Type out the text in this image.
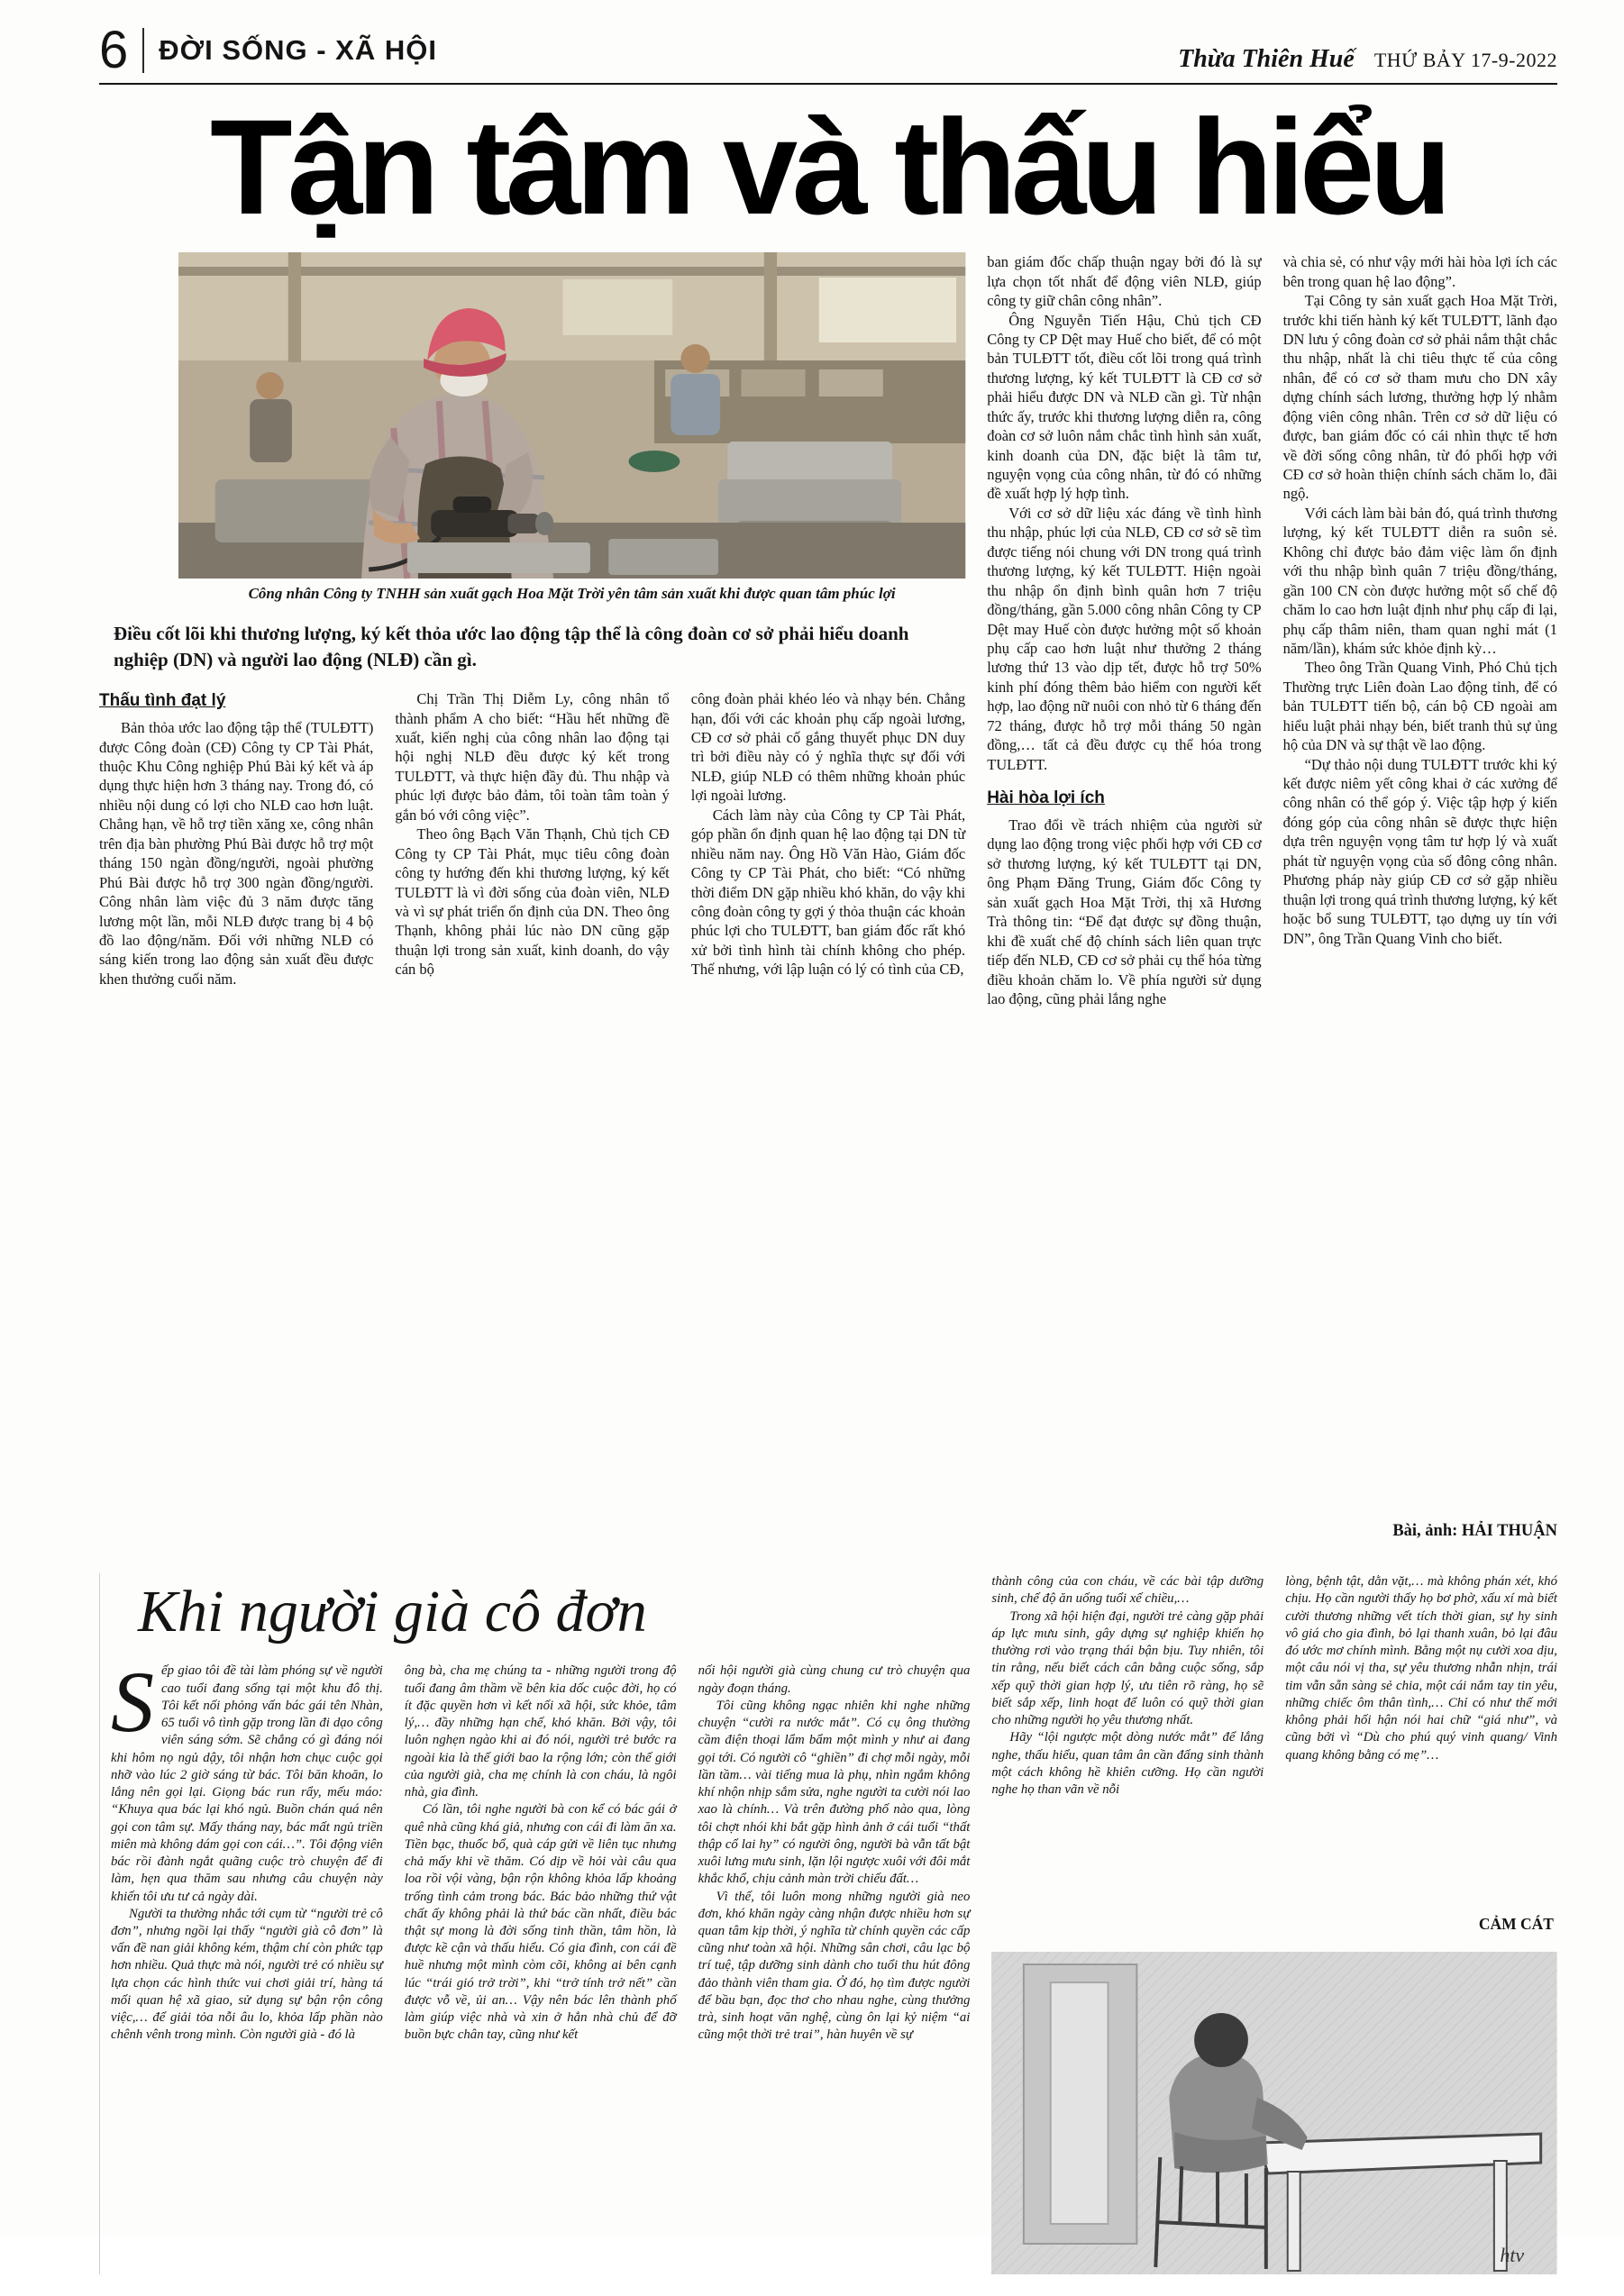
6 ĐỜI SỐNG - XÃ HỘI	Thừa Thiên Huế THỨ BẢY 17-9-2022
Tận tâm và thấu hiểu

Công nhân Công ty TNHH sản xuất gạch Hoa Mặt Trời yên tâm sản xuất khi được quan tâm phúc lợi

Điều cốt lõi khi thương lượng, ký kết thỏa ước lao động tập thể là công đoàn cơ sở phải hiểu doanh nghiệp (DN) và người lao động (NLĐ) cần gì.

Thấu tình đạt lý

Bản thỏa ước lao động tập thể (TULĐTT) được Công đoàn (CĐ) Công ty CP Tài Phát, thuộc Khu Công nghiệp Phú Bài ký kết và áp dụng thực hiện hơn 3 tháng nay. Trong đó, có nhiều nội dung có lợi cho NLĐ cao hơn luật. Chẳng hạn, về hỗ trợ tiền xăng xe, công nhân trên địa bàn phường Phú Bài được hỗ trợ một tháng 150 ngàn đồng/người, ngoài phường Phú Bài được hỗ trợ 300 ngàn đồng/người. Công nhân làm việc đủ 3 năm được tăng lương một lần, mỗi NLĐ được trang bị 4 bộ đồ lao động/năm. Đối với những NLĐ có sáng kiến trong lao động sản xuất đều được khen thưởng cuối năm.

Chị Trần Thị Diễm Ly, công nhân tổ thành phẩm A cho biết: “Hầu hết những đề xuất, kiến nghị của công nhân lao động tại hội nghị NLĐ đều được ký kết trong TULĐTT, và thực hiện đầy đủ. Thu nhập và phúc lợi được bảo đảm, tôi toàn tâm toàn ý gắn bó với công việc”.

Theo ông Bạch Văn Thạnh, Chủ tịch CĐ Công ty CP Tài Phát, mục tiêu công đoàn công ty hướng đến khi thương lượng, ký kết TULĐTT là vì đời sống của đoàn viên, NLĐ và vì sự phát triển ổn định của DN. Theo ông Thạnh, không phải lúc nào DN cũng gặp thuận lợi trong sản xuất, kinh doanh, do vậy cán bộ

công đoàn phải khéo léo và nhạy bén. Chẳng hạn, đối với các khoản phụ cấp ngoài lương, CĐ cơ sở phải cố gắng thuyết phục DN duy trì bởi điều này có ý nghĩa thực sự đối với NLĐ, giúp NLĐ có thêm những khoản phúc lợi ngoài lương.

Cách làm này của Công ty CP Tài Phát, góp phần ổn định quan hệ lao động tại DN từ nhiều năm nay. Ông Hồ Văn Hào, Giám đốc Công ty CP Tài Phát, cho biết: “Có những thời điểm DN gặp nhiều khó khăn, do vậy khi công đoàn công ty gợi ý thỏa thuận các khoản phúc lợi cho TULĐTT, ban giám đốc rất khó xử bởi tình hình tài chính không cho phép. Thế nhưng, với lập luận có lý có tình của CĐ,

ban giám đốc chấp thuận ngay bởi đó là sự lựa chọn tốt nhất để động viên NLĐ, giúp công ty giữ chân công nhân”.

Ông Nguyễn Tiến Hậu, Chủ tịch CĐ Công ty CP Dệt may Huế cho biết, để có một bản TULĐTT tốt, điều cốt lõi trong quá trình thương lượng, ký kết TULĐTT là CĐ cơ sở phải hiểu được DN và NLĐ cần gì. Từ nhận thức ấy, trước khi thương lượng diễn ra, công đoàn cơ sở luôn nắm chắc tình hình sản xuất, kinh doanh của DN, đặc biệt là tâm tư, nguyện vọng của công nhân, từ đó có những đề xuất hợp lý hợp tình.

Với cơ sở dữ liệu xác đáng về tình hình thu nhập, phúc lợi của NLĐ, CĐ cơ sở sẽ tìm được tiếng nói chung với DN trong quá trình thương lượng, ký kết TULĐTT. Hiện ngoài thu nhập ổn định bình quân hơn 7 triệu đồng/tháng, gần 5.000 công nhân Công ty CP Dệt may Huế còn được hưởng một số khoản phụ cấp cao hơn luật như thưởng 2 tháng lương thứ 13 vào dịp tết, được hỗ trợ 50% kinh phí đóng thêm bảo hiểm con người kết hợp, lao động nữ nuôi con nhỏ từ 6 tháng đến 72 tháng, được hỗ trợ mỗi tháng 50 ngàn đồng,… tất cả đều được cụ thể hóa trong TULĐTT.

Hài hòa lợi ích

Trao đổi về trách nhiệm của người sử dụng lao động trong việc phối hợp với CĐ cơ sở thương lượng, ký kết TULĐTT tại DN, ông Phạm Đăng Trung, Giám đốc Công ty sản xuất gạch Hoa Mặt Trời, thị xã Hương Trà thông tin: “Để đạt được sự đồng thuận, khi đề xuất chế độ chính sách liên quan trực tiếp đến NLĐ, CĐ cơ sở phải cụ thể hóa từng điều khoản chăm lo. Về phía người sử dụng lao động, cũng phải lắng nghe

và chia sẻ, có như vậy mới hài hòa lợi ích các bên trong quan hệ lao động”.

Tại Công ty sản xuất gạch Hoa Mặt Trời, trước khi tiến hành ký kết TULĐTT, lãnh đạo DN lưu ý công đoàn cơ sở phải nắm thật chắc thu nhập, nhất là chi tiêu thực tế của công nhân, để có cơ sở tham mưu cho DN xây dựng chính sách lương, thưởng hợp lý nhằm động viên công nhân. Trên cơ sở dữ liệu có được, ban giám đốc có cái nhìn thực tế hơn về đời sống công nhân, từ đó phối hợp với CĐ cơ sở hoàn thiện chính sách chăm lo, đãi ngộ.

Với cách làm bài bản đó, quá trình thương lượng, ký kết TULĐTT diễn ra suôn sẻ. Không chỉ được bảo đảm việc làm ổn định với thu nhập bình quân 7 triệu đồng/tháng, gần 100 CN còn được hưởng một số chế độ chăm lo cao hơn luật định như phụ cấp đi lại, phụ cấp thâm niên, tham quan nghỉ mát (1 năm/lần), khám sức khỏe định kỳ…

Theo ông Trần Quang Vinh, Phó Chủ tịch Thường trực Liên đoàn Lao động tỉnh, để có bản TULĐTT tiến bộ, cán bộ CĐ ngoài am hiểu luật phải nhạy bén, biết tranh thủ sự ủng hộ của DN và sự thật về lao động.

“Dự thảo nội dung TULĐTT trước khi ký kết được niêm yết công khai ở các xưởng để công nhân có thể góp ý. Việc tập hợp ý kiến đóng góp của công nhân sẽ được thực hiện dựa trên nguyện vọng tâm tư hợp lý và xuất phát từ nguyện vọng của số đông công nhân. Phương pháp này giúp CĐ cơ sở gặp nhiều thuận lợi trong quá trình thương lượng, ký kết hoặc bổ sung TULĐTT, tạo dựng uy tín với DN”, ông Trần Quang Vinh cho biết.

Bài, ảnh: HẢI THUẬN
Khi người già cô đơn

Sếp giao tôi đề tài làm phóng sự về người cao tuổi đang sống tại một khu đô thị. Tôi kết nối phỏng vấn bác gái tên Nhàn, 65 tuổi vô tình gặp trong lần đi dạo công viên sáng sớm. Sẽ chẳng có gì đáng nói khi hôm nọ ngủ dậy, tôi nhận hơn chục cuộc gọi nhỡ vào lúc 2 giờ sáng từ bác. Tôi băn khoăn, lo lắng nên gọi lại. Giọng bác run rẩy, mếu máo: “Khuya qua bác lại khó ngủ. Buồn chán quá nên gọi con tâm sự. Mấy tháng nay, bác mất ngủ triền miên mà không dám gọi con cái…”. Tôi động viên bác rồi đành ngắt quãng cuộc trò chuyện để đi làm, hẹn qua thăm sau nhưng câu chuyện này khiến tôi ưu tư cả ngày dài.

Người ta thường nhắc tới cụm từ “người trẻ cô đơn”, nhưng ngồi lại thấy “người già cô đơn” là vấn đề nan giải không kém, thậm chí còn phức tạp hơn nhiều. Quả thực mà nói, người trẻ có nhiều sự lựa chọn các hình thức vui chơi giải trí, hàng tá mối quan hệ xã giao, sử dụng sự bận rộn công việc,… để giải tỏa nỗi âu lo, khỏa lấp phần nào chênh vênh trong mình. Còn người già - đó là

ông bà, cha mẹ chúng ta - những người trong độ tuổi đang âm thầm về bên kia dốc cuộc đời, họ có ít đặc quyền hơn vì kết nối xã hội, sức khỏe, tâm lý,… đầy những hạn chế, khó khăn. Bởi vậy, tôi luôn nghẹn ngào khi ai đó nói, người trẻ bước ra ngoài kia là thế giới bao la rộng lớn; còn thế giới của người già, cha mẹ chính là con cháu, là ngôi nhà, gia đình.

Có lần, tôi nghe người bà con kể có bác gái ở quê nhà cũng khá giả, nhưng con cái đi làm ăn xa. Tiền bạc, thuốc bổ, quà cáp gửi về liên tục nhưng chả mấy khi về thăm. Có dịp về hỏi vài câu qua loa rồi vội vàng, bận rộn không khỏa lấp khoảng trống tình cảm trong bác. Bác bảo những thứ vật chất ấy không phải là thứ bác cần nhất, điều bác thật sự mong là đời sống tinh thần, tâm hồn, là được kề cận và thấu hiểu. Có gia đình, con cái đề huề nhưng một mình còm cõi, không ai bên cạnh lúc “trái gió trở trời”, khi “trở tính trở nết” cần được vỗ về, ủi an… Vậy nên bác lên thành phố làm giúp việc nhà và xin ở hẳn nhà chủ để đỡ buồn bực chân tay, cũng như kết

nối hội người già cùng chung cư trò chuyện qua ngày đoạn tháng.

Tôi cũng không ngạc nhiên khi nghe những chuyện “cười ra nước mắt”. Có cụ ông thường cầm điện thoại lẩm bẩm một mình y như ai đang gọi tới. Có người cô “ghiền” đi chợ mỗi ngày, mỗi lần tầm… vài tiếng mua là phụ, nhìn ngắm không khí nhộn nhịp sắm sửa, nghe người ta cười nói lao xao là chính… Và trên đường phố nào qua, lòng tôi chợt nhói khi bắt gặp hình ảnh ở cái tuổi “thất thập cổ lai hy” có người ông, người bà vẫn tất bật xuôi lưng mưu sinh, lặn lội ngược xuôi với đôi mắt khắc khổ, chịu cảnh màn trời chiếu đất…

Vì thế, tôi luôn mong những người già neo đơn, khó khăn ngày càng nhận được nhiều hơn sự quan tâm kịp thời, ý nghĩa từ chính quyền các cấp cũng như toàn xã hội. Những sân chơi, câu lạc bộ trí tuệ, tập dưỡng sinh dành cho tuổi thu hút đông đảo thành viên tham gia. Ở đó, họ tìm được người để bầu bạn, đọc thơ cho nhau nghe, cùng thưởng trà, sinh hoạt văn nghệ, cùng ôn lại kỷ niệm “ai cũng một thời trẻ trai”, hàn huyên về sự

thành công của con cháu, về các bài tập dưỡng sinh, chế độ ăn uống tuổi xế chiều,…

Trong xã hội hiện đại, người trẻ càng gặp phải áp lực mưu sinh, gây dựng sự nghiệp khiến họ thường rơi vào trạng thái bận bịu. Tuy nhiên, tôi tin rằng, nếu biết cách cân bằng cuộc sống, sắp xếp quỹ thời gian hợp lý, ưu tiên rõ ràng, họ sẽ biết sắp xếp, linh hoạt để luôn có quỹ thời gian cho những người họ yêu thương nhất.

Hãy “lội ngược một dòng nước mắt” để lắng nghe, thấu hiểu, quan tâm ân cần đấng sinh thành một cách không hề khiên cưỡng. Họ cần người nghe họ than vãn về nỗi

lòng, bệnh tật, dằn vặt,… mà không phán xét, khó chịu. Họ cần người thấy họ bơ phờ, xấu xí mà biết cười thương những vết tích thời gian, sự hy sinh vô giá cho gia đình, bỏ lại thanh xuân, bỏ lại đâu đó ước mơ chính mình. Bằng một nụ cười xoa dịu, một câu nói vị tha, sự yêu thương nhẫn nhịn, trái tim vẫn sẵn sàng sẻ chia, một cái nắm tay tin yêu, những chiếc ôm thân tình,… Chỉ có như thế mới không phải hối hận nói hai chữ “giá như”, và cũng bởi vì “Dù cho phú quý vinh quang/ Vinh quang không bằng có mẹ”…

CẢM CÁT
htv
